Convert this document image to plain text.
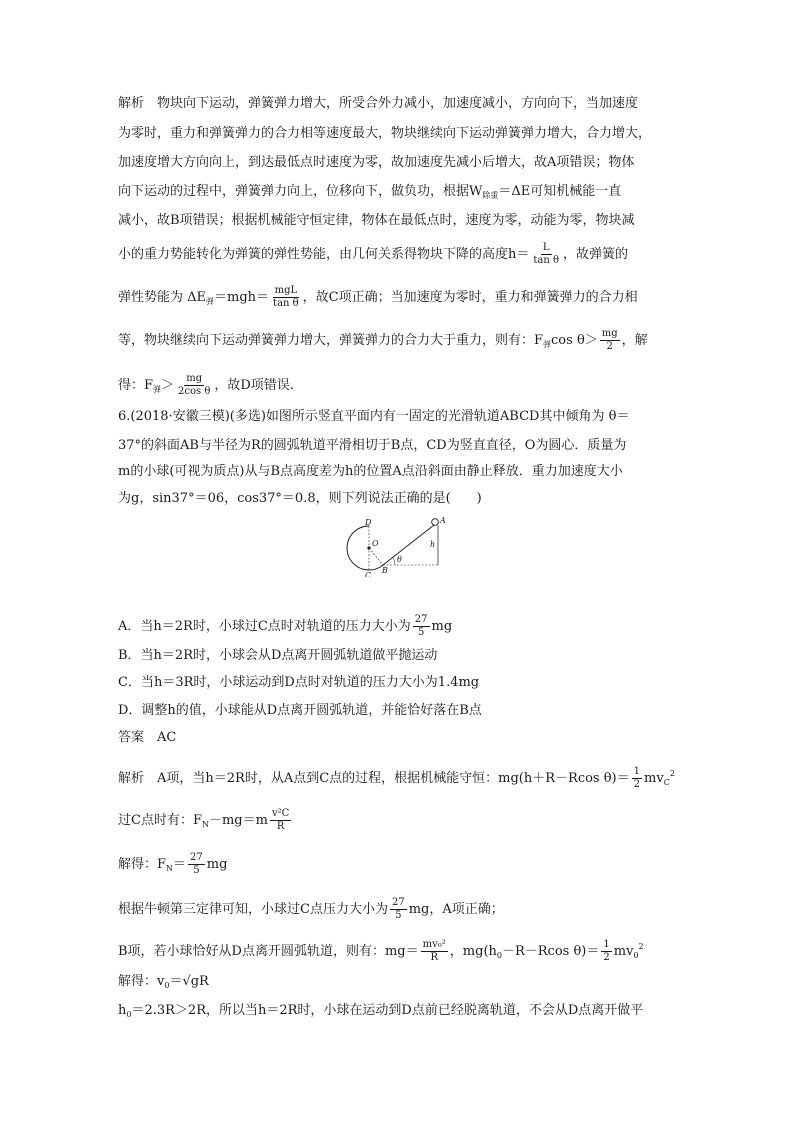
解析　物块向下运动，弹簧弹力增大，所受合外力减小，加速度减小，方向向下，当加速度
为零时，重力和弹簧弹力的合力相等速度最大，物块继续向下运动弹簧弹力增大，合力增大，
加速度增大方向向上，到达最低点时速度为零，故加速度先减小后增大，故A项错误；物体
向下运动的过程中，弹簧弹力向上，位移向下，做负功，根据$W_{除重}=\Delta E$可知机械能一直
减小，故B项错误；根据机械能守恒定律，物体在最低点时，速度为零，动能为零，物块减
小的重力势能转化为弹簧的弹性势能，由几何关系得物块下降的高度$h= \frac{L}{\text{tan θ}}$ ，故弹簧的
弹性势能为 $\Delta E_弹=mgh= \frac{\text{mgL}}{\text{tan θ}}$ ，故C项正确；当加速度为零时，重力和弹簧弹力的合力相
等，物块继续向下运动弹簧弹力增大，弹簧弹力的合力大于重力，则有：$F_弹\cos$ $\theta> \frac{mg}{2}$ ，解
得：$F_弹> \frac{mg}{\text{2cos θ}}$ ，故D项错误.
6.(2018·安徽三模)(多选)如图所示竖直平面内有一固定的光滑轨道ABCD其中倾角为 θ＝
37°的斜面AB与半径为R的圆弧轨道平滑相切于B点，CD为竖直直径，O为圆心．质量为
m的小球(可视为质点)从与B点高度差为h的位置A点沿斜面由静止释放．重力加速度大小
为g，sin37°＝06，cos37°＝0.8，则下列说法正确的是(　　)
D
O
C
B
A
h
θ
A．当h＝2R时，小球过C点时对轨道的压力大小为 $\frac{27}{5}$ mg
B．当h＝2R时，小球会从D点离开圆弧轨道做平抛运动
C．当h＝3R时，小球运动到D点时对轨道的压力大小为1.4mg
D．调整h的值，小球能从D点离开圆弧轨道，并能恰好落在B点
答案　AC
解析　A项，当h＝2R时，从A点到C点的过程，根据机械能守恒：mg(h＋R－Rcos $\theta)= \frac{1}{2} mv_C^2$
过C点时有：$F_N-mg=m \frac{\text{v²C}}{R}$
解得：$F_N= \frac{27}{5}$ mg
根据牛顿第三定律可知，小球过C点压力大小为 $\frac{27}{5}$ mg，A项正确；
B项，若小球恰好从D点离开圆弧轨道，则有：$mg= \frac{\text{mv₀²}}{R}$ ，$mg(h_0-R-Rcos$ $\theta)= \frac{1}{2} mv_0^2$
解得：$v_0=√gR$
$h_0=2.3R>2R$，所以当h＝2R时，小球在运动到D点前已经脱离轨道，不会从D点离开做平
